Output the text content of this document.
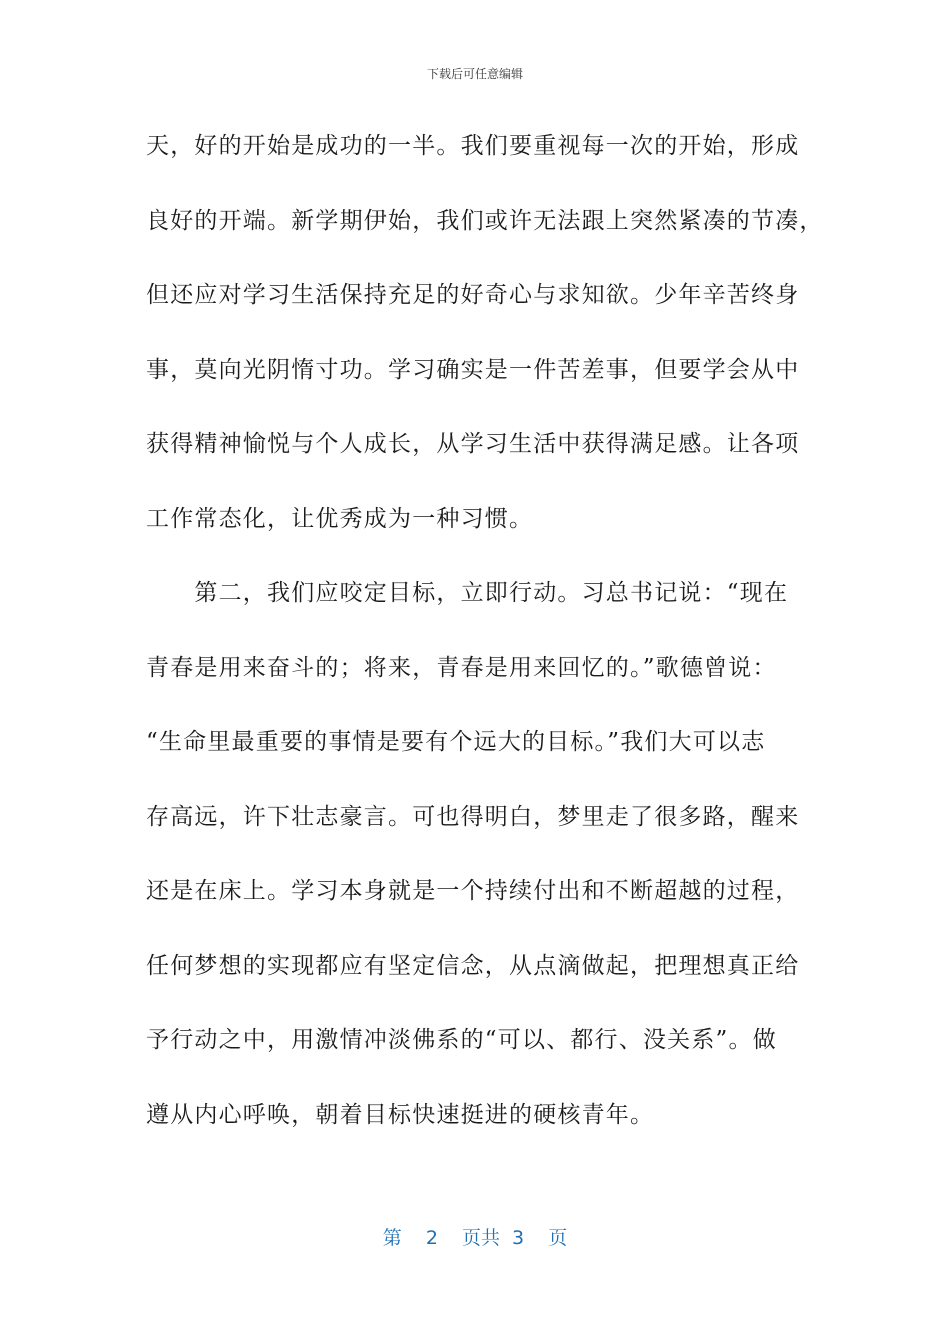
下载后可任意编辑
天，好的开始是成功的一半。我们要重视每一次的开始，形成
良好的开端。新学期伊始，我们或许无法跟上突然紧凑的节凑，
但还应对学习生活保持充足的好奇心与求知欲。少年辛苦终身
事，莫向光阴惰寸功。学习确实是一件苦差事，但要学会从中
获得精神愉悦与个人成长，从学习生活中获得满足感。让各项
工作常态化，让优秀成为一种习惯。
　　第二，我们应咬定目标，立即行动。习总书记说：“现在
青春是用来奋斗的；将来，青春是用来回忆的。”歌德曾说：
“生命里最重要的事情是要有个远大的目标。”我们大可以志
存高远，许下壮志豪言。可也得明白，梦里走了很多路，醒来
还是在床上。学习本身就是一个持续付出和不断超越的过程，
任何梦想的实现都应有坚定信念，从点滴做起，把理想真正给
予行动之中，用激情冲淡佛系的“可以、都行、没关系”。做
遵从内心呼唤，朝着目标快速挺进的硬核青年。
第  2  页共 3  页
